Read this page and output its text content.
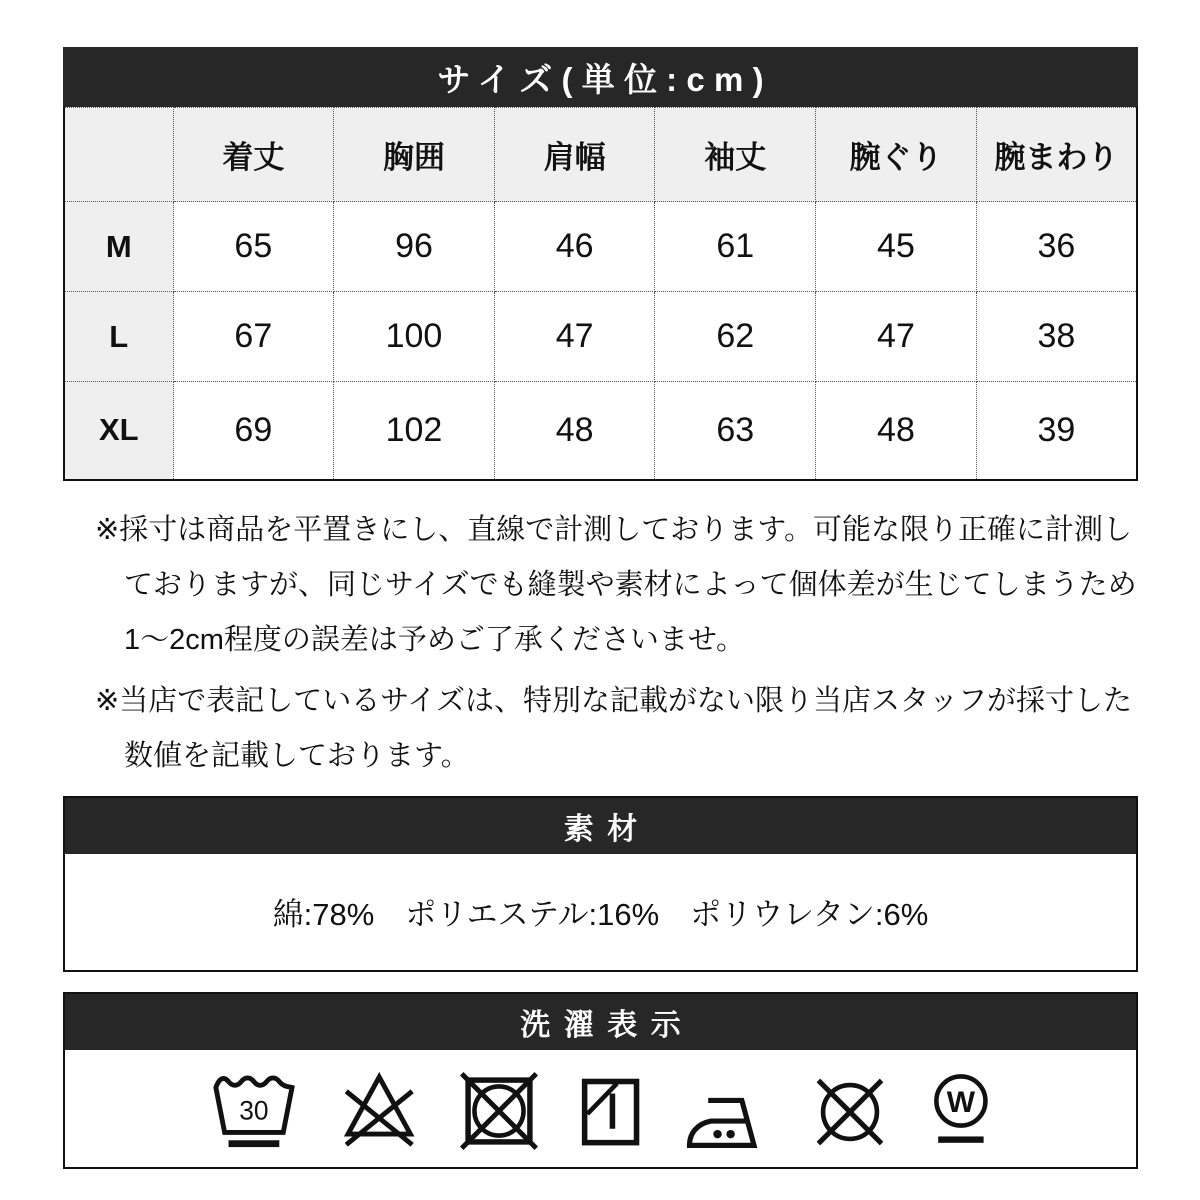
サイズ(単位:cm)
	着丈	胸囲	肩幅	袖丈	腕ぐり	腕まわり
M	65	96	46	61	45	36
L	67	100	47	62	47	38
XL	69	102	48	63	48	39
※採寸は商品を平置きにし、直線で計測しております。可能な限り正確に計測し
ておりますが、同じサイズでも縫製や素材によって個体差が生じてしまうため
1〜2cm程度の誤差は予めご了承くださいませ。
※当店で表記しているサイズは、特別な記載がない限り当店スタッフが採寸した
数値を記載しております。
素材
綿:78%　ポリエステル:16%　ポリウレタン:6%
洗濯表示
30	W
